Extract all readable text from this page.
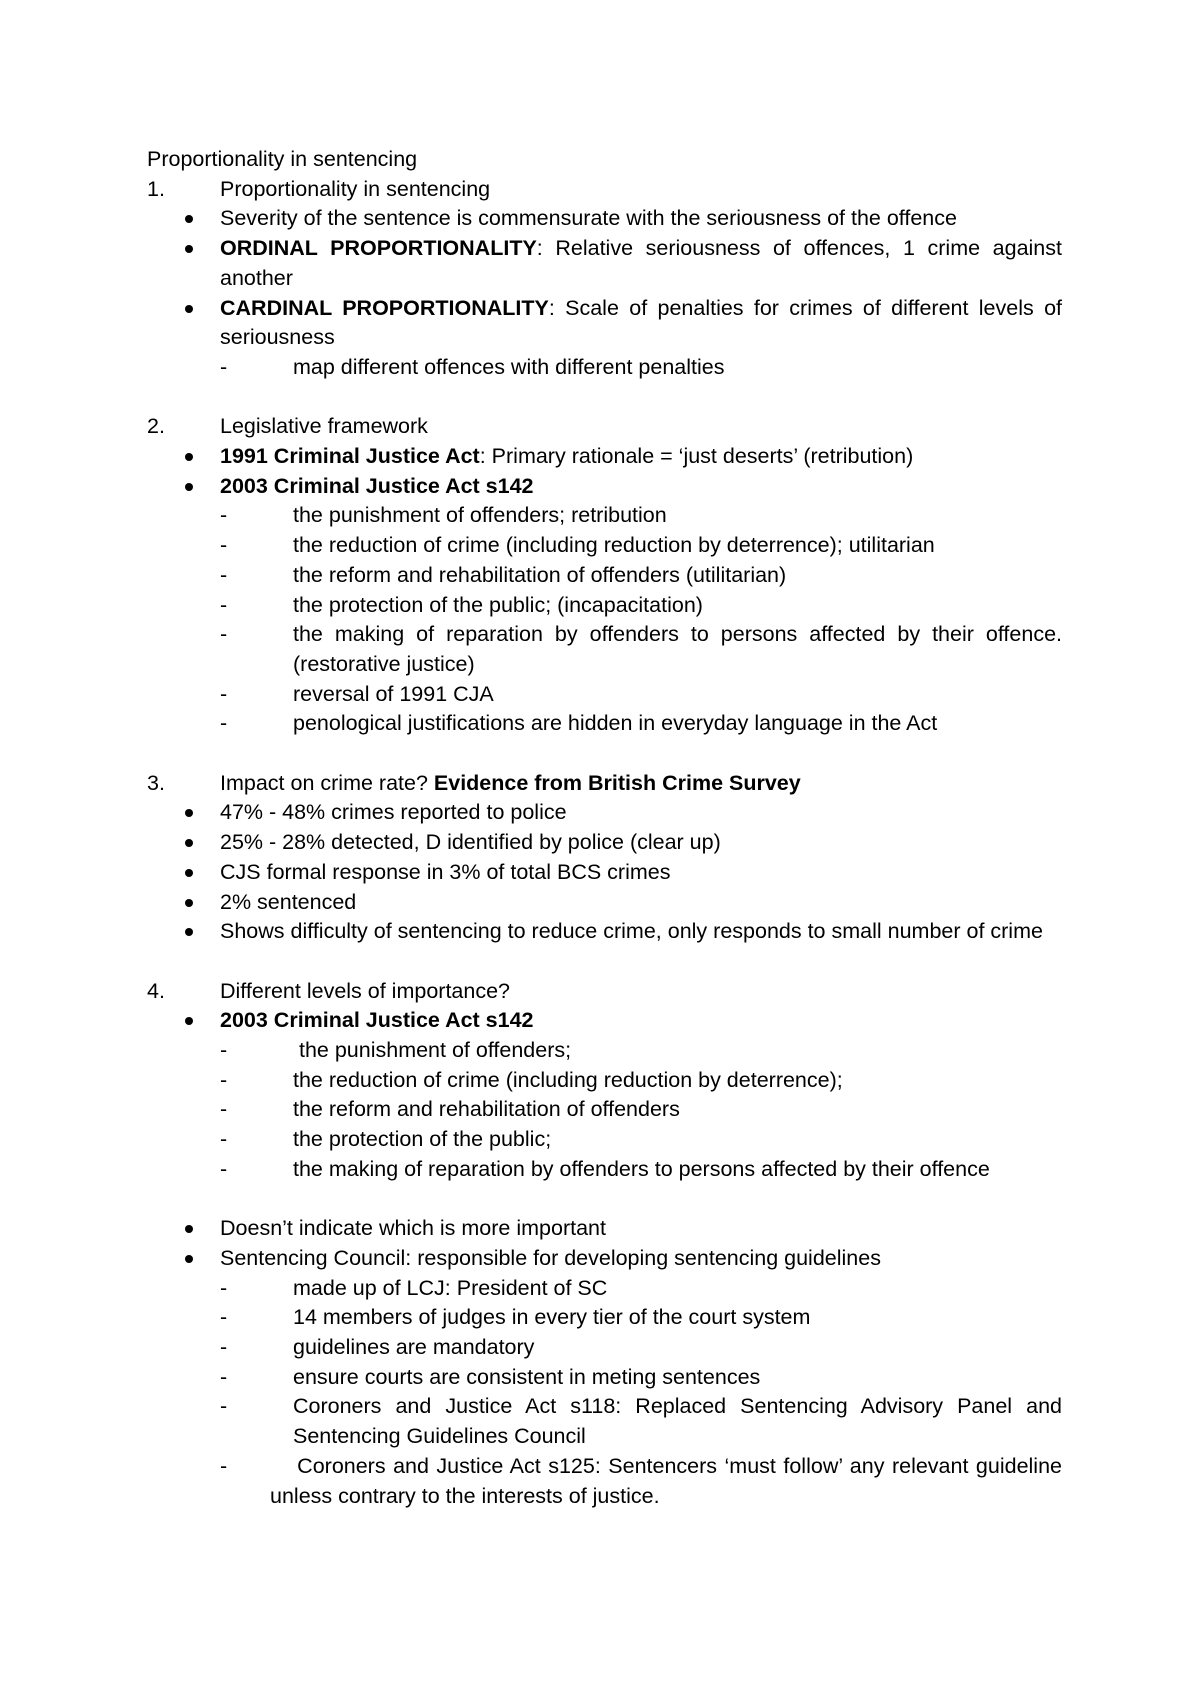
Proportionality in sentencing
1.	Proportionality in sentencing
Severity of the sentence is commensurate with the seriousness of the offence
ORDINAL PROPORTIONALITY: Relative seriousness of offences, 1 crime against another
CARDINAL PROPORTIONALITY: Scale of penalties for crimes of different levels of seriousness
- map different offences with different penalties
2.	Legislative framework
1991 Criminal Justice Act: Primary rationale = ‘just deserts’ (retribution)
2003 Criminal Justice Act s142
- the punishment of offenders; retribution
- the reduction of crime (including reduction by deterrence); utilitarian
- the reform and rehabilitation of offenders (utilitarian)
- the protection of the public; (incapacitation)
- the making of reparation by offenders to persons affected by their offence. (restorative justice)
- reversal of 1991 CJA
- penological justifications are hidden in everyday language in the Act
3.	Impact on crime rate? Evidence from British Crime Survey
47% - 48% crimes reported to police
25% - 28% detected, D identified by police (clear up)
CJS formal response in 3% of total BCS crimes
2% sentenced
Shows difficulty of sentencing to reduce crime, only responds to small number of crime
4.	Different levels of importance?
2003 Criminal Justice Act s142
-  the punishment of offenders;
- the reduction of crime (including reduction by deterrence);
- the reform and rehabilitation of offenders
- the protection of the public;
- the making of reparation by offenders to persons affected by their offence
Doesn’t indicate which is more important
Sentencing Council: responsible for developing sentencing guidelines
- made up of LCJ: President of SC
- 14 members of judges in every tier of the court system
- guidelines are mandatory
- ensure courts are consistent in meting sentences
- Coroners and Justice Act s118: Replaced Sentencing Advisory Panel and Sentencing Guidelines Council

-	Coroners and Justice Act s125: Sentencers ‘must follow’ any relevant guidelineunless contrary to the interests of justice.
